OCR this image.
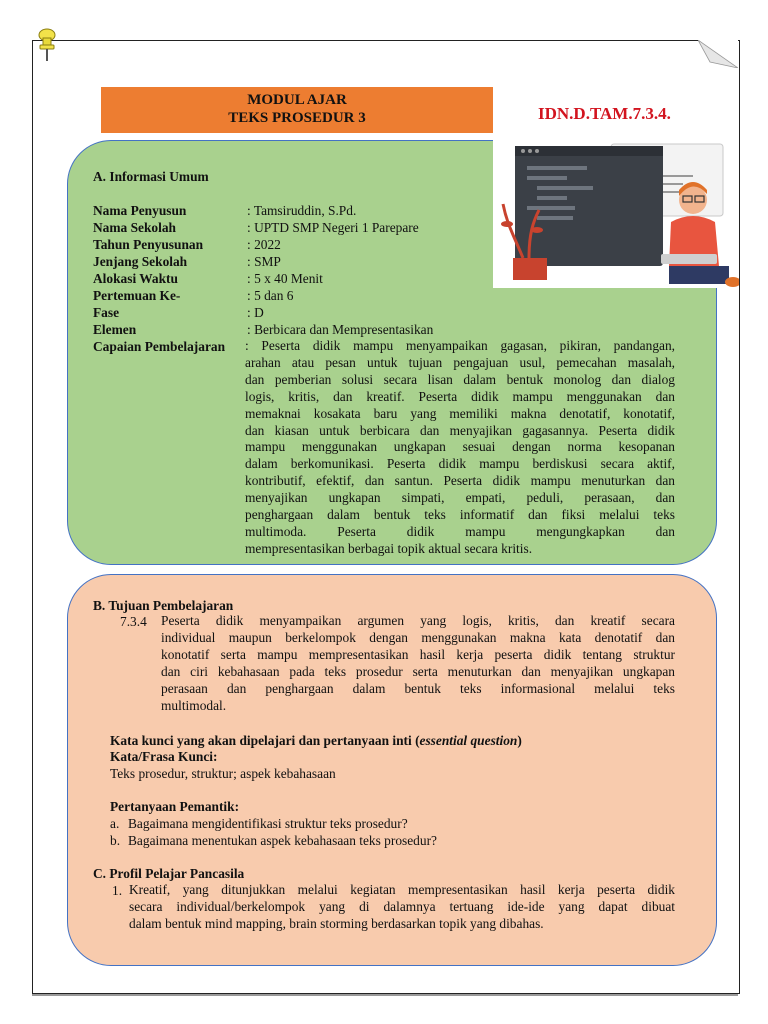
MODUL AJAR
TEKS PROSEDUR 3	IDN.D.TAM.7.3.4.
A. Informasi Umum
Nama Penyusun	: Tamsiruddin, S.Pd.
Nama Sekolah	: UPTD SMP Negeri 1 Parepare
Tahun Penyusunan	: 2022
Jenjang Sekolah	: SMP
Alokasi Waktu	: 5 x 40 Menit
Pertemuan Ke-	: 5 dan 6
Fase	: D
Elemen	: Berbicara dan Mempresentasikan
Capaian Pembelajaran : Peserta didik mampu menyampaikan gagasan, pikiran, pandangan,
arahan atau pesan untuk tujuan pengajuan usul, pemecahan masalah,
dan pemberian solusi secara lisan dalam bentuk monolog dan dialog
logis, kritis, dan kreatif. Peserta didik mampu menggunakan dan
memaknai kosakata baru yang memiliki makna denotatif, konotatif,
dan kiasan untuk berbicara dan menyajikan gagasannya. Peserta didik
mampu menggunakan ungkapan sesuai dengan norma kesopanan
dalam berkomunikasi. Peserta didik mampu berdiskusi secara aktif,
kontributif, efektif, dan santun. Peserta didik mampu menuturkan dan
menyajikan ungkapan simpati, empati, peduli, perasaan, dan
penghargaan dalam bentuk teks informatif dan fiksi melalui teks
multimoda. Peserta didik mampu mengungkapkan dan
mempresentasikan berbagai topik aktual secara kritis.
B. Tujuan Pembelajaran
7.3.4 Peserta didik menyampaikan argumen yang logis, kritis, dan kreatif secara
individual maupun berkelompok dengan menggunakan makna kata denotatif dan
konotatif serta mampu mempresentasikan hasil kerja peserta didik tentang struktur
dan ciri kebahasaan pada teks prosedur serta menuturkan dan menyajikan ungkapan
perasaan dan penghargaan dalam bentuk teks informasional melalui teks
multimodal.
Kata kunci yang akan dipelajari dan pertanyaan inti (essential question)
Kata/Frasa Kunci:
Teks prosedur, struktur; aspek kebahasaan
Pertanyaan Pemantik:
a. Bagaimana mengidentifikasi struktur teks prosedur?
b. Bagaimana menentukan aspek kebahasaan teks prosedur?
C. Profil Pelajar Pancasila
1. Kreatif, yang ditunjukkan melalui kegiatan mempresentasikan hasil kerja peserta didik
secara individual/berkelompok yang di dalamnya tertuang ide-ide yang dapat dibuat
dalam bentuk mind mapping, brain storming berdasarkan topik yang dibahas.
